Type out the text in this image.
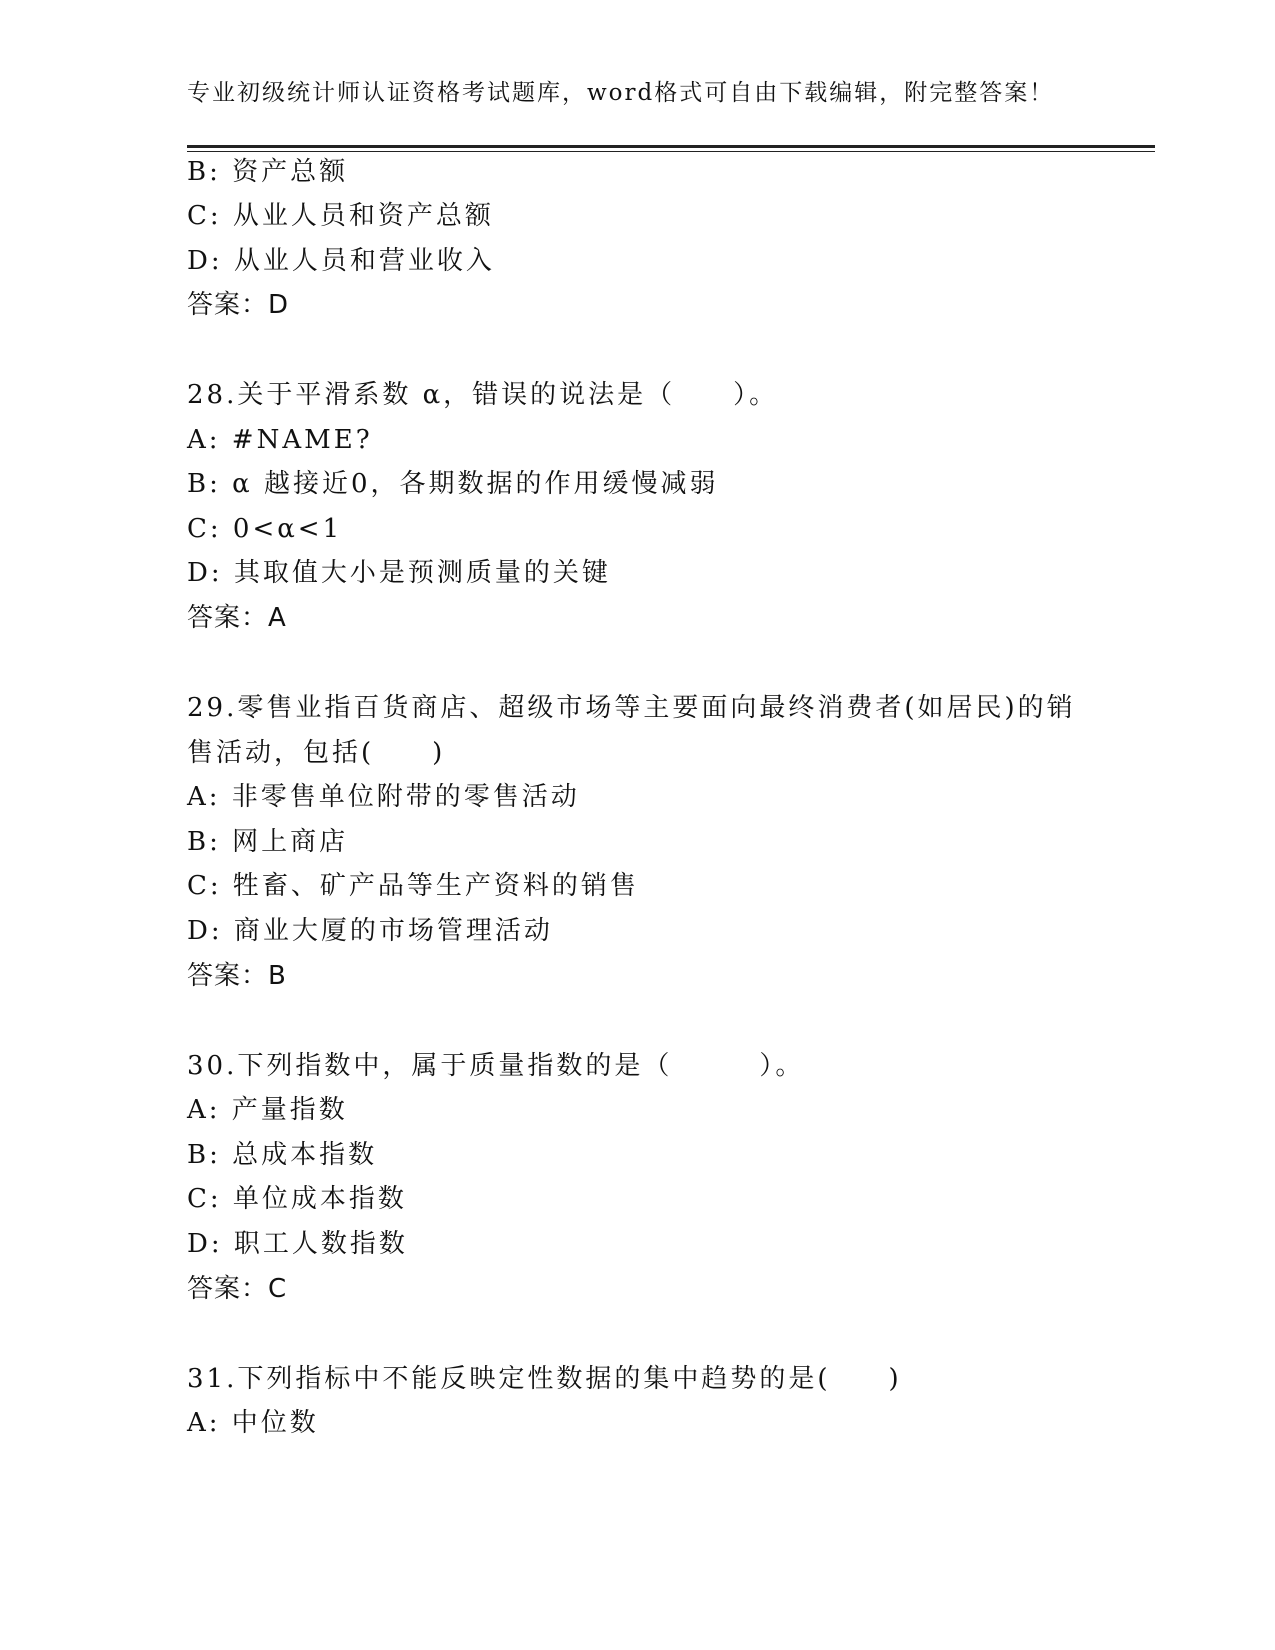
专业初级统计师认证资格考试题库，word格式可自由下载编辑，附完整答案！
B: 资产总额
C: 从业人员和资产总额
D: 从业人员和营业收入
答案：D
28.关于平滑系数 α，错误的说法是（　　）。
A: #NAME?
B: α 越接近0，各期数据的作用缓慢减弱
C: 0<α<1
D: 其取值大小是预测质量的关键
答案：A
29.零售业指百货商店、超级市场等主要面向最终消费者(如居民)的销
售活动，包括(　　)
A: 非零售单位附带的零售活动
B: 网上商店
C: 牲畜、矿产品等生产资料的销售
D: 商业大厦的市场管理活动
答案：B
30.下列指数中，属于质量指数的是（　　　）。
A: 产量指数
B: 总成本指数
C: 单位成本指数
D: 职工人数指数
答案：C
31.下列指标中不能反映定性数据的集中趋势的是(　　)
A: 中位数
